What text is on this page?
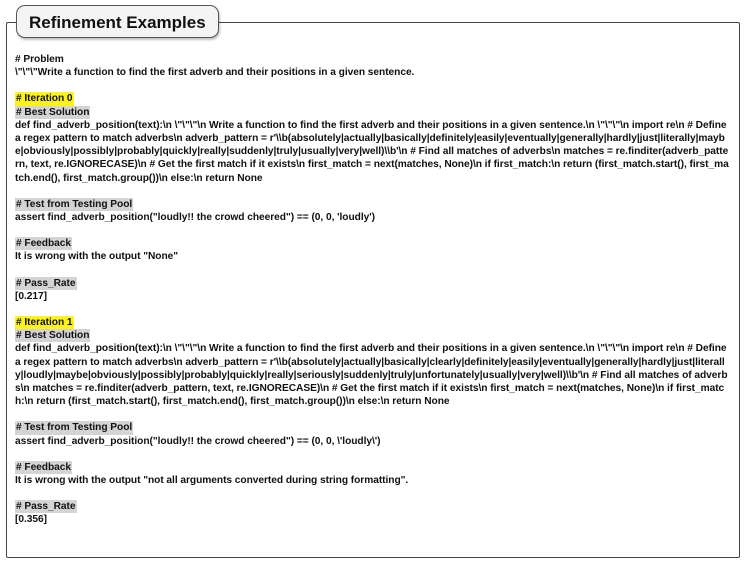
Refinement Examples
# Problem
\"\"\"Write a function to find the first adverb and their positions in a given sentence.
# Iteration 0
# Best Solution
def find_adverb_position(text):\n \"\"\"\n Write a function to find the first adverb and their positions in a given sentence.\n \"\"\"\n import re\n # Define a regex pattern to match adverbs\n adverb_pattern = r'\\b(absolutely|actually|basically|definitely|easily|eventually|generally|hardly|just|literally|maybe|obviously|possibly|probably|quickly|really|suddenly|truly|usually|very|well)\\b'\n # Find all matches of adverbs\n matches = re.finditer(adverb_pattern, text, re.IGNORECASE)\n # Get the first match if it exists\n first_match = next(matches, None)\n if first_match:\n return (first_match.start(), first_match.end(), first_match.group())\n else:\n return None
# Test from Testing Pool
assert find_adverb_position("loudly!! the crowd cheered") == (0, 0, 'loudly')
# Feedback
It is wrong with the output "None"
# Pass_Rate
[0.217]
# Iteration 1
# Best Solution
def find_adverb_position(text):\n \"\"\"\n Write a function to find the first adverb and their positions in a given sentence.\n \"\"\"\n import re\n # Define a regex pattern to match adverbs\n adverb_pattern = r'\\b(absolutely|actually|basically|clearly|definitely|easily|eventually|generally|hardly|just|literally|loudly|maybe|obviously|possibly|probably|quickly|really|seriously|suddenly|truly|unfortunately|usually|very|well)\\b'\n # Find all matches of adverbs\n matches = re.finditer(adverb_pattern, text, re.IGNORECASE)\n # Get the first match if it exists\n first_match = next(matches, None)\n if first_match:\n return (first_match.start(), first_match.end(), first_match.group())\n else:\n return None
# Test from Testing Pool
assert find_adverb_position("loudly!! the crowd cheered") == (0, 0, \'loudly\')
# Feedback
It is wrong with the output "not all arguments converted during string formatting".
# Pass_Rate
[0.356]
